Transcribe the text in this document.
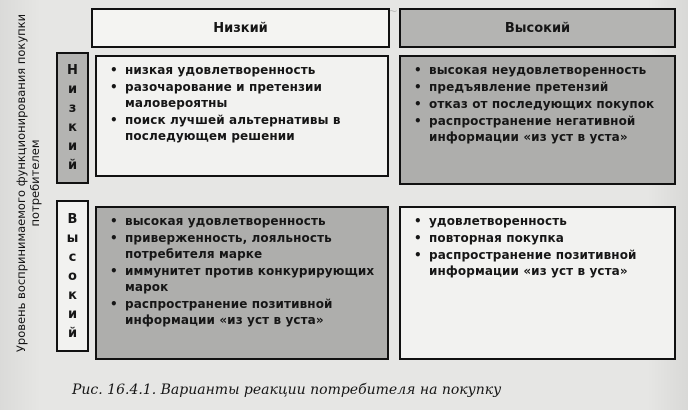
~
Уровень воспринимаемого функционирования покупки потребителем
Низкий	Высокий
Н
и
з
к
и
й
В
ы
с
о
к
и
й
• низкая удовлетворенность
• разочарование и претензии маловероятны
• поиск лучшей альтернативы в последующем решении
• высокая неудовлетворенность
• предъявление претензий
• отказ от последующих покупок
• распространение негативной информации «из уст в уста»
• высокая удовлетворенность
• приверженность, лояльность потребителя марке
• иммунитет против конкурирующих марок
• распространение позитивной информации «из уст в уста»
• удовлетворенность
• повторная покупка
• распространение позитивной информации «из уст в уста»
Рис. 16.4.1. Варианты реакции потребителя на покупку
